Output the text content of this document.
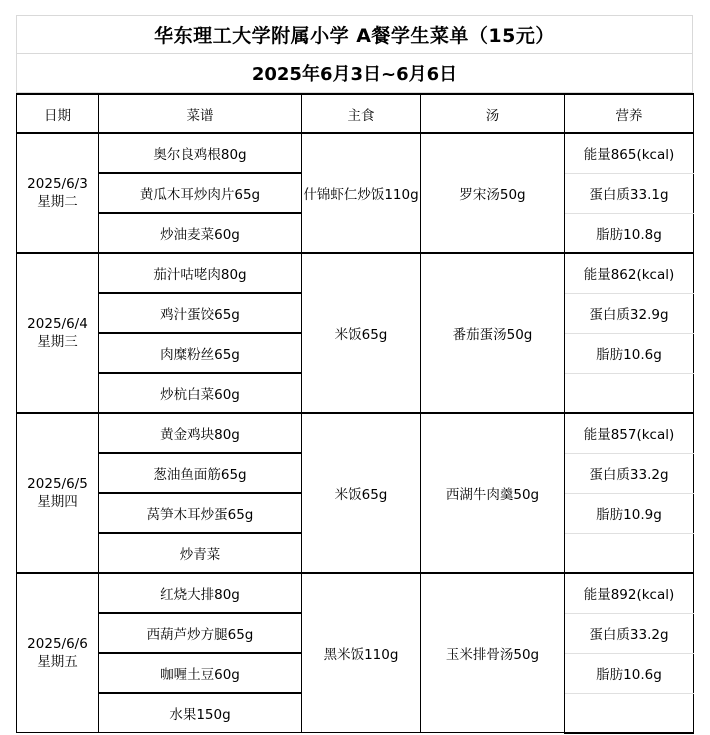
华东理工大学附属小学 A餐学生菜单（15元）
2025年6月3日~6月6日
日期	菜谱	主食	汤	营养

2025/6/3
星期二	奥尔良鸡根80g	什锦虾仁炒饭110g	罗宋汤50g	能量865(kcal)
	黄瓜木耳炒肉片65g			蛋白质33.1g
	炒油麦菜60g			脂肪10.8g

2025/6/4
星期三	茄汁咕咾肉80g	米饭65g	番茄蛋汤50g	能量862(kcal)
	鸡汁蛋饺65g			蛋白质32.9g
	肉糜粉丝65g			脂肪10.6g
	炒杭白菜60g			

2025/6/5
星期四	黄金鸡块80g	米饭65g	西湖牛肉羹50g	能量857(kcal)
	葱油鱼面筋65g			蛋白质33.2g
	莴笋木耳炒蛋65g			脂肪10.9g
	炒青菜			

2025/6/6
星期五	红烧大排80g	黑米饭110g	玉米排骨汤50g	能量892(kcal)
	西葫芦炒方腿65g			蛋白质33.2g
	咖喱土豆60g			脂肪10.6g
	水果150g			
